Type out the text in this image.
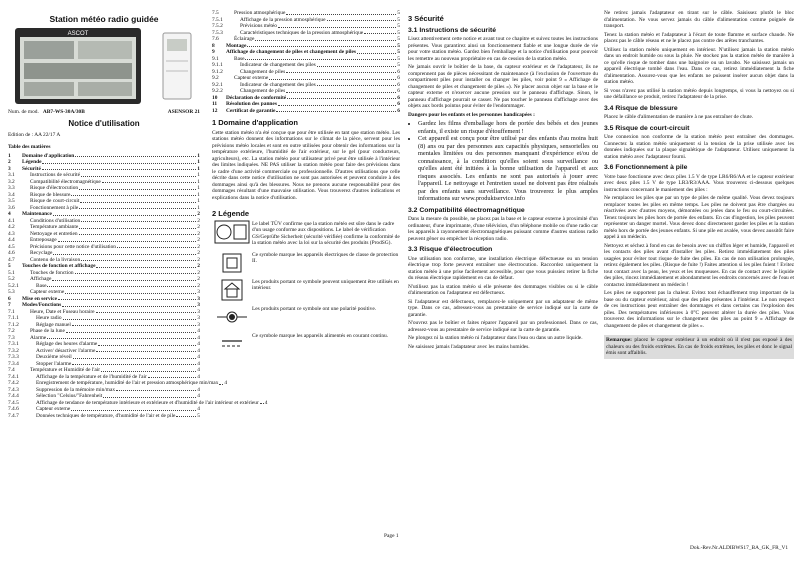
Station météo radio guidée
ASCOT
Num. de mod. AB7-WS-30A/30B	ASENSOR 21
Notice d'utilisation
Edition de : AA 22/17 A
Table des matières
1	Domaine d'application	1
2	Légende	1
3	Sécurité	1
3.1	Instructions de sécurité	1
3.2	Compatibilité électromagnétique	1
3.3	Risque d'électrocution	1
3.4	Risque de blessure	1
3.5	Risque de court-circuit	1
3.6	Fonctionnement à pile	1
4	Maintenance	2
4.1	Conditions d'utilisation	2
4.2	Température ambiante	2
4.3	Nettoyage et entretien	2
4.4	Entreposage	2
4.5	Précisions pour cette notice d'utilisation	2
4.6	Recyclage	2
4.7	Contenu de la livraison	2
5	Touches de fonction et affichage	2
5.1	Touches de fonction	2
5.2	Affichage	2
5.2.1	Base	2
5.3	Capteur externe	3
6	Mise en service	3
7	Modes/Fonctions	3
7.1	Heure, Date et Fuseau horaire	3
7.1.1	Heure radio	3
7.1.2	Réglage manuel	3
7.2	Phase de la lune	4
7.3	Alarme	4
7.3.1	Réglage des heures d'alarme	4
7.3.2	Activer/ désactiver l'alarme	4
7.3.3	Deuxième réveil	4
7.3.4	Stopper l'alarme	4
7.4	Température et Humidité de l'air	4
7.4.1	Affichage de la température et de l'humidité de l'air	4
7.4.2	Enregistrement de température, humidité de l'air et pression atmosphérique min/max 4
7.4.3	Suppression de la mémoire min/max	4
7.4.4	Sélection "Celsius/"Fahrenheit	4
7.4.5	Affichage de tendance de température intérieure et extérieure et d'humidité de l'air intérieur et extérieur 4
7.4.6	Capteur externe	4
7.4.7	Données techniques de température, d'humidité de l'air et de pile	5
7.5	Pression atmosphérique	5
7.5.1	Affichage de la pression atmosphérique	5
7.5.2	Prévisions météo	5
7.5.3	Caractéristiques techniques de la pression atmosphérique	5
7.6	Éclairage	5
8	Montage	5
9	Affichage de changement de piles et changement de piles	5
9.1	Base	5
9.1.1	Indicateur de changement des piles	5
9.1.2	Changement de piles	6
9.2	Capteur externe	6
9.2.1	Indicateur de changement des piles	6
9.2.2	Changement de piles	6
10	Déclaration de conformité	6
11	Résolution des pannes	6
12	Certificat de garantie	6
1 Domaine d'application

Cette station météo n'a été conçue que pour être utilisée en tant que station météo. Les stations météo donnent des informations sur le climat de la pièce, servent pour les prévisions météo locales et sont en outre utilisées pour obtenir des informations sur la température extérieure, l'humidité de l'air extérieur, sur le gel (pour conducteurs, agriculteurs), etc. La station météo pour utilisateur privé peut être utilisée à l'intérieur des limites indiquées. NE PAS utiliser la station météo pour faire des prévisions dans le cadre d'une activité commerciale ou professionnelle. D'autres utilisations que celle décrite dans cette notice d'utilisation ne sont pas autorisées et peuvent conduire à des dommages ainsi qu'à des blessures. Nous ne prenons aucune responsabilité pour des dommages résultant d'une mauvaise utilisation. Vous trouverez d'autres indications et explications dans la notice d'utilisation.

2 Légende
Le label TÜV confirme que la station météo est sûre dans le cadre d'un usage conforme aux dispositions. Le label de vérification GS/Geprüfte Sicherheit (sécurité vérifiée) confirme la conformité de la station météo avec la loi sur la sécurité des produits (ProdSG).
Ce symbole marque les appareils électriques de classe de protection II.
Les produits portant ce symbole peuvent uniquement être utilisés en intérieur.
Les produits portant ce symbole ont une polarité positive.
Ce symbole marque les appareils alimentés en courant continu.
3 Sécurité
3.1 Instructions de sécurité

Lisez attentivement cette notice et avant tout ce chapitre et suivez toutes les instructions présentes. Vous garantirez ainsi un fonctionnement fiable et une longue durée de vie pour votre station météo. Gardez bien l'emballage et la notice d'utilisation pour pouvoir les remettre au nouveau propriétaire en cas de cession de la station météo.

Ne jamais ouvrir le boîtier de la base, du capteur extérieur et de l'adaptateur, ils ne comprennent pas de pièces nécessitant de maintenance (à l'exclusion de l'ouverture du compartiment piles pour installer ou changer les piles, voir point 9 « Affichage de changement de piles et changement de piles »). Ne placer aucun objet sur la base et le capteur externe et n'exercer aucune pression sur le panneau d'affichage. Sinon, le panneau d'affichage pourrait se casser. Ne pas toucher le panneau d'affichage avec des objets aux bords pointus pour éviter de l'endommager.

Dangers pour les enfants et les personnes handicapées :

• Gardez les films d'emballage hors de portée des bébés et des jeunes enfants, il existe un risque d'étouffement !
• Cet appareil est conçu pour être utilisé par des enfants d'au moins huit (8) ans ou par des personnes aux capacités physiques, sensorielles ou mentales limitées ou des personnes manquant d'expérience et/ou de connaissance, à la condition qu'elles soient sous surveillance ou qu'elles aient été initiées à la bonne utilisation de l'appareil et aux risques associés. Les enfants ne sont pas autorisés à jouer avec l'appareil. Le nettoyage et l'entretien usuel ne doivent pas être réalisés par des enfants sans surveillance. Vous trouverez le plus amples informations sur www.produktservice.info
3.2 Compatibilité électromagnétique

Dans la mesure du possible, ne placez pas la base et le capteur externe à proximité d'un ordinateur, d'une imprimante, d'une télévision, d'un téléphone mobile ou d'une radio car les appareils à rayonnement électromagnétiques puissant comme d'autres stations radio peuvent gêner ou empêcher la réception radio.

3.3 Risque d'électrocution

Une utilisation non conforme, une installation électrique défectueuse ou un tension électrique trop forte peuvent entraîner une électrocution. Raccordez uniquement la station météo à une prise facilement accessible, pour que vous puissiez retirer la fiche du réseau électrique rapidement en cas de défaut.

N'utilisez pas la station météo si elle présente des dommages visibles ou si le câble d'alimentation ou l'adaptateur est défectueux.

Si l'adaptateur est défectueux, remplacez-le uniquement par un adaptateur de même type. Dans ce cas, adressez-vous au prestataire de service indiqué sur la carte de garantie.

N'ouvrez pas le boîtier et faites réparer l'appareil par un professionnel. Dans ce cas, adressez-vous au prestataire de service indiqué sur la carte de garantie.

Ne plongez ni la station météo ni l'adaptateur dans l'eau ou dans un autre liquide.

Ne saisissez jamais l'adaptateur avec les mains humides.

Ne retirez jamais l'adaptateur en tirant sur le câble. Saisissez plutôt le bloc d'alimentation. Ne vous servez jamais du câble d'alimentation comme poignée de transport.

Tenez la station météo et l'adaptateur à l'écart de toute flamme et surface chaude. Ne placez pas le câble réseau et ne le placez pas contre des arêtes tranchantes.

Utilisez la station météo uniquement en intérieur. N'utilisez jamais la station météo dans un endroit humide ou sous la pluie. Ne stockez pas la station météo de manière à ce qu'elle risque de tomber dans une baignoire ou un lavabo. Ne saisissez jamais un appareil électrique tombé dans l'eau. Dans ce cas, retirez immédiatement la fiche d'alimentation. Assurez-vous que les enfants ne puissent insérer aucun objet dans la station météo.

Si vous n'avez pas utilisé la station météo depuis longtemps, si vous la nettoyez ou si une défaillance se produit, retirez l'adaptateur de la prise.

3.4 Risque de blessure

Placez le câble d'alimentation de manière à ne pas entraîner de chute.

3.5 Risque de court-circuit

Une connexion non conforme de la station météo peut entraîner des dommages. Connectez la station météo uniquement si la tension de la prise utilisée avec les données indiquées sur la plaque signalétique de l'adaptateur. Utilisez uniquement la station météo avec l'adaptateur fourni.

3.6 Fonctionnement à pile

Votre base fonctionne avec deux piles 1.5 V de type LR6/R6/AA et le capteur extérieur avec deux piles 1.5 V de type LR3/R3/AAA. Vous trouverez ci-dessous quelques instructions concernant le maniement des piles :

Ne remplacez les piles que par un type de piles de même qualité. Vous devez toujours remplacer toutes les piles en même temps. Les piles ne doivent pas être chargées ou réactivées avec d'autres moyens, démontées ou jetées dans le feu ou court-circuitées. Tenez toujours les piles hors de portée des enfants. En cas d'ingestion, les piles peuvent représenter un danger mortel. Vous devez donc directement garder les piles et la station météo hors de portée des jeunes enfants. Si une pile est avalée, vous devez aussitôt faire appel à un médecin.

Nettoyez et séchez à fond en cas de besoin avec un chiffon léger et humide, l'appareil et les contacts des piles avant d'installer les piles. Retirez immédiatement des piles usagées pour éviter tout risque de fuite des piles. En cas de non utilisation prolongée, retirez également les piles. (Risque de fuite !) Faites attention si les piles fuient ! Evitez tout contact avec la peau, les yeux et les muqueuses. En cas de contact avec le liquide des piles, rincez immédiatement et abondamment les endroits concernés avec de l'eau et contactez immédiatement un médecin !

Les piles ne supportent pas la chaleur. Evitez tout échauffement trop important de la base ou du capteur extérieur, ainsi que des piles présentes à l'intérieur. Le non respect de ces instructions peut entraîner des dommages et dans certains cas l'explosion des piles. Des températures inférieures à 0°C peuvent altérer la durée des piles. Vous trouverez des informations sur le changement des piles au point 9 « Affichage de changement de piles et changement de piles ».

Remarque: placez le capteur extérieur à un endroit où il n'est pas exposé à des chaleurs ou des froids extrêmes. En cas de froids extrêmes, les piles et donc le signal émis sont affaiblis.

Page 1
Dok.-Rev.Nr.ALDIBWS17_BA_GK_FR_V1
